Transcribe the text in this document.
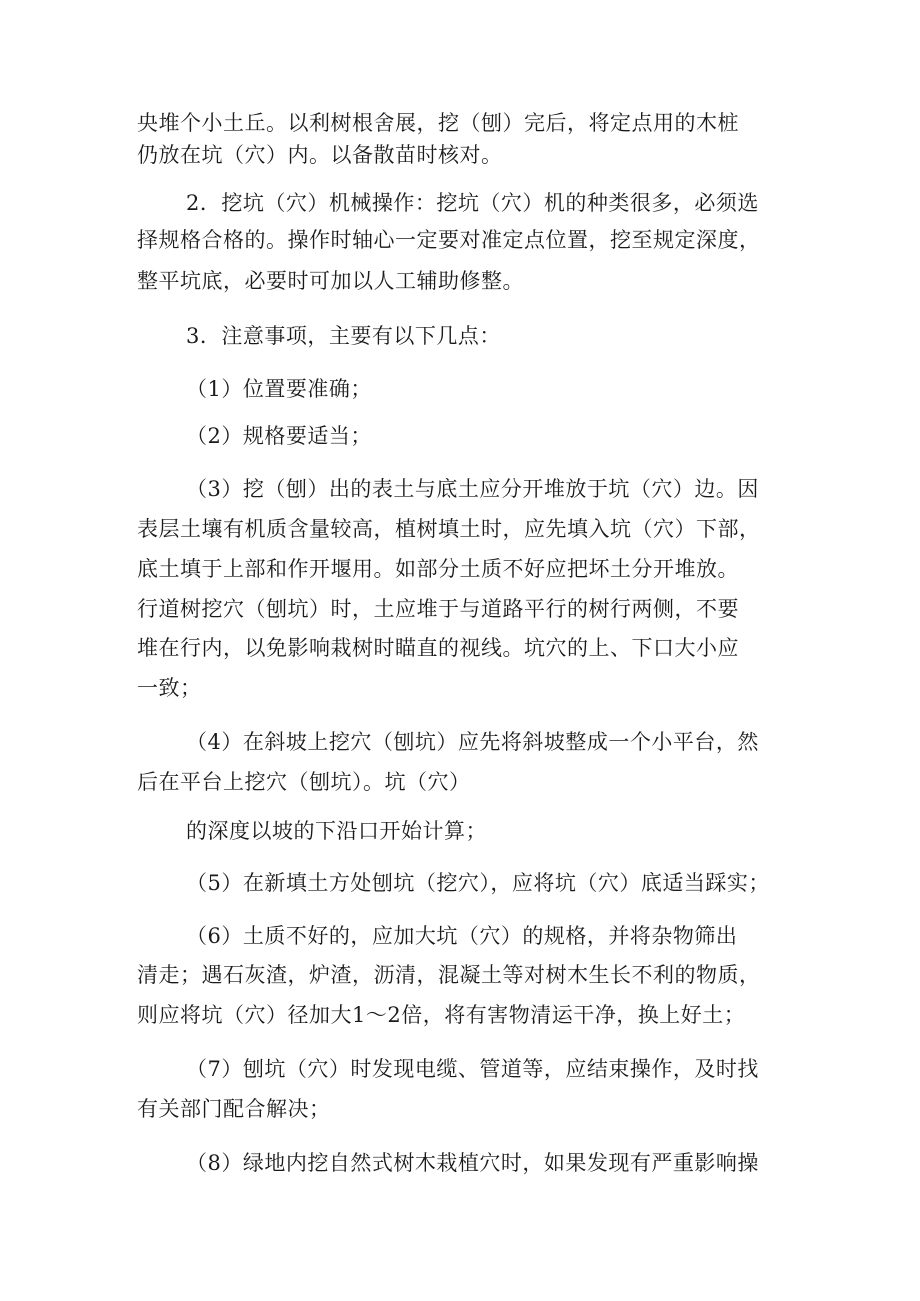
央堆个小土丘。以利树根舍展，挖（刨）完后，将定点用的木桩
仍放在坑（穴）内。以备散苗时核对。
2．挖坑（穴）机械操作：挖坑（穴）机的种类很多，必须选
择规格合格的。操作时轴心一定要对准定点位置，挖至规定深度，
整平坑底，必要时可加以人工辅助修整。
3．注意事项，主要有以下几点：
（1）位置要准确；
（2）规格要适当；
（3）挖（刨）出的表土与底土应分开堆放于坑（穴）边。因
表层土壤有机质含量较高，植树填土时，应先填入坑（穴）下部，
底土填于上部和作开堰用。如部分土质不好应把坏土分开堆放。
行道树挖穴（刨坑）时，土应堆于与道路平行的树行两侧，不要
堆在行内，以免影响栽树时瞄直的视线。坑穴的上、下口大小应
一致；
（4）在斜坡上挖穴（刨坑）应先将斜坡整成一个小平台，然
后在平台上挖穴（刨坑）。坑（穴）
的深度以坡的下沿口开始计算；
（5）在新填土方处刨坑（挖穴），应将坑（穴）底适当踩实；
（6）土质不好的，应加大坑（穴）的规格，并将杂物筛出
清走；遇石灰渣，炉渣，沥清，混凝土等对树木生长不利的物质，
则应将坑（穴）径加大1～2倍，将有害物清运干净，换上好土；
（7）刨坑（穴）时发现电缆、管道等，应结束操作，及时找
有关部门配合解决；
（8）绿地内挖自然式树木栽植穴时，如果发现有严重影响操
